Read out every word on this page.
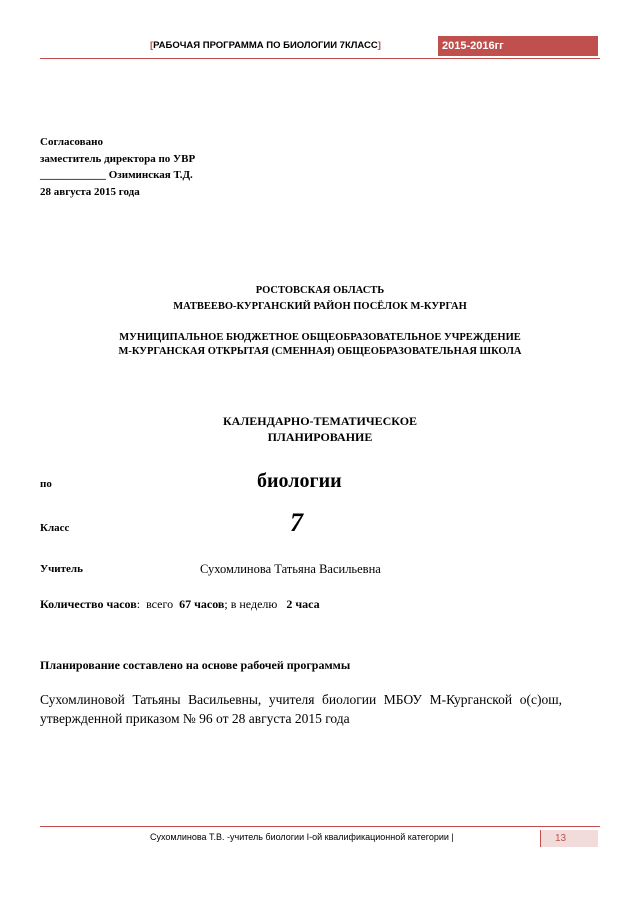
[РАБОЧАЯ ПРОГРАММА ПО БИОЛОГИИ 7КЛАСС]	2015-2016гг
Согласовано
заместитель директора по УВР
____________ Озиминская Т.Д.
28 августа 2015 года
РОСТОВСКАЯ ОБЛАСТЬ
МАТВЕЕВО-КУРГАНСКИЙ РАЙОН ПОСЁЛОК М-КУРГАН
МУНИЦИПАЛЬНОЕ БЮДЖЕТНОЕ ОБЩЕОБРАЗОВАТЕЛЬНОЕ УЧРЕЖДЕНИЕ
М-КУРГАНСКАЯ ОТКРЫТАЯ (СМЕННАЯ) ОБЩЕОБРАЗОВАТЕЛЬНАЯ ШКОЛА
КАЛЕНДАРНО-ТЕМАТИЧЕСКОЕ
ПЛАНИРОВАНИЕ
по	биологии
Класс	7
Учитель	Сухомлинова Татьяна Васильевна
Количество часов:  всего  67 часов; в неделю   2 часа
Планирование составлено на основе рабочей программы
Сухомлиновой Татьяны Васильевны, учителя биологии МБОУ М-Курганской о(с)ош, утвержденной приказом № 96 от 28 августа 2015 года
Сухомлинова Т.В. -учитель биологии I-ой квалификационной категории |	13
